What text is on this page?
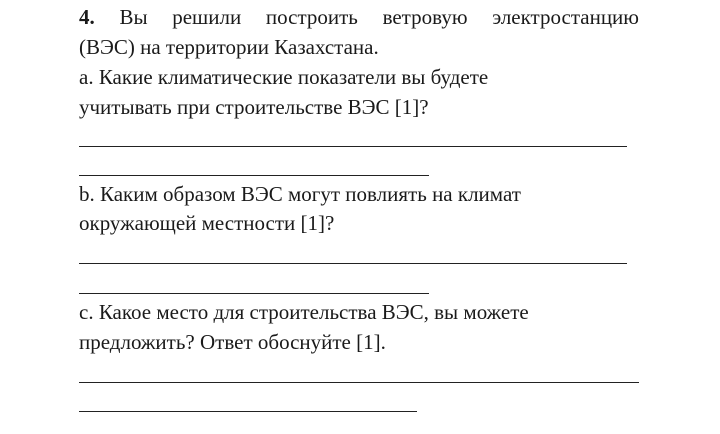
4. Вы решили построить ветровую электростанцию
(ВЭС) на территории Казахстана.
a. Какие климатические показатели вы будете
учитывать при строительстве ВЭС [1]?
b. Каким образом ВЭС могут повлиять на климат
окружающей местности [1]?
c. Какое место для строительства ВЭС, вы можете
предложить? Ответ обоснуйте [1].
